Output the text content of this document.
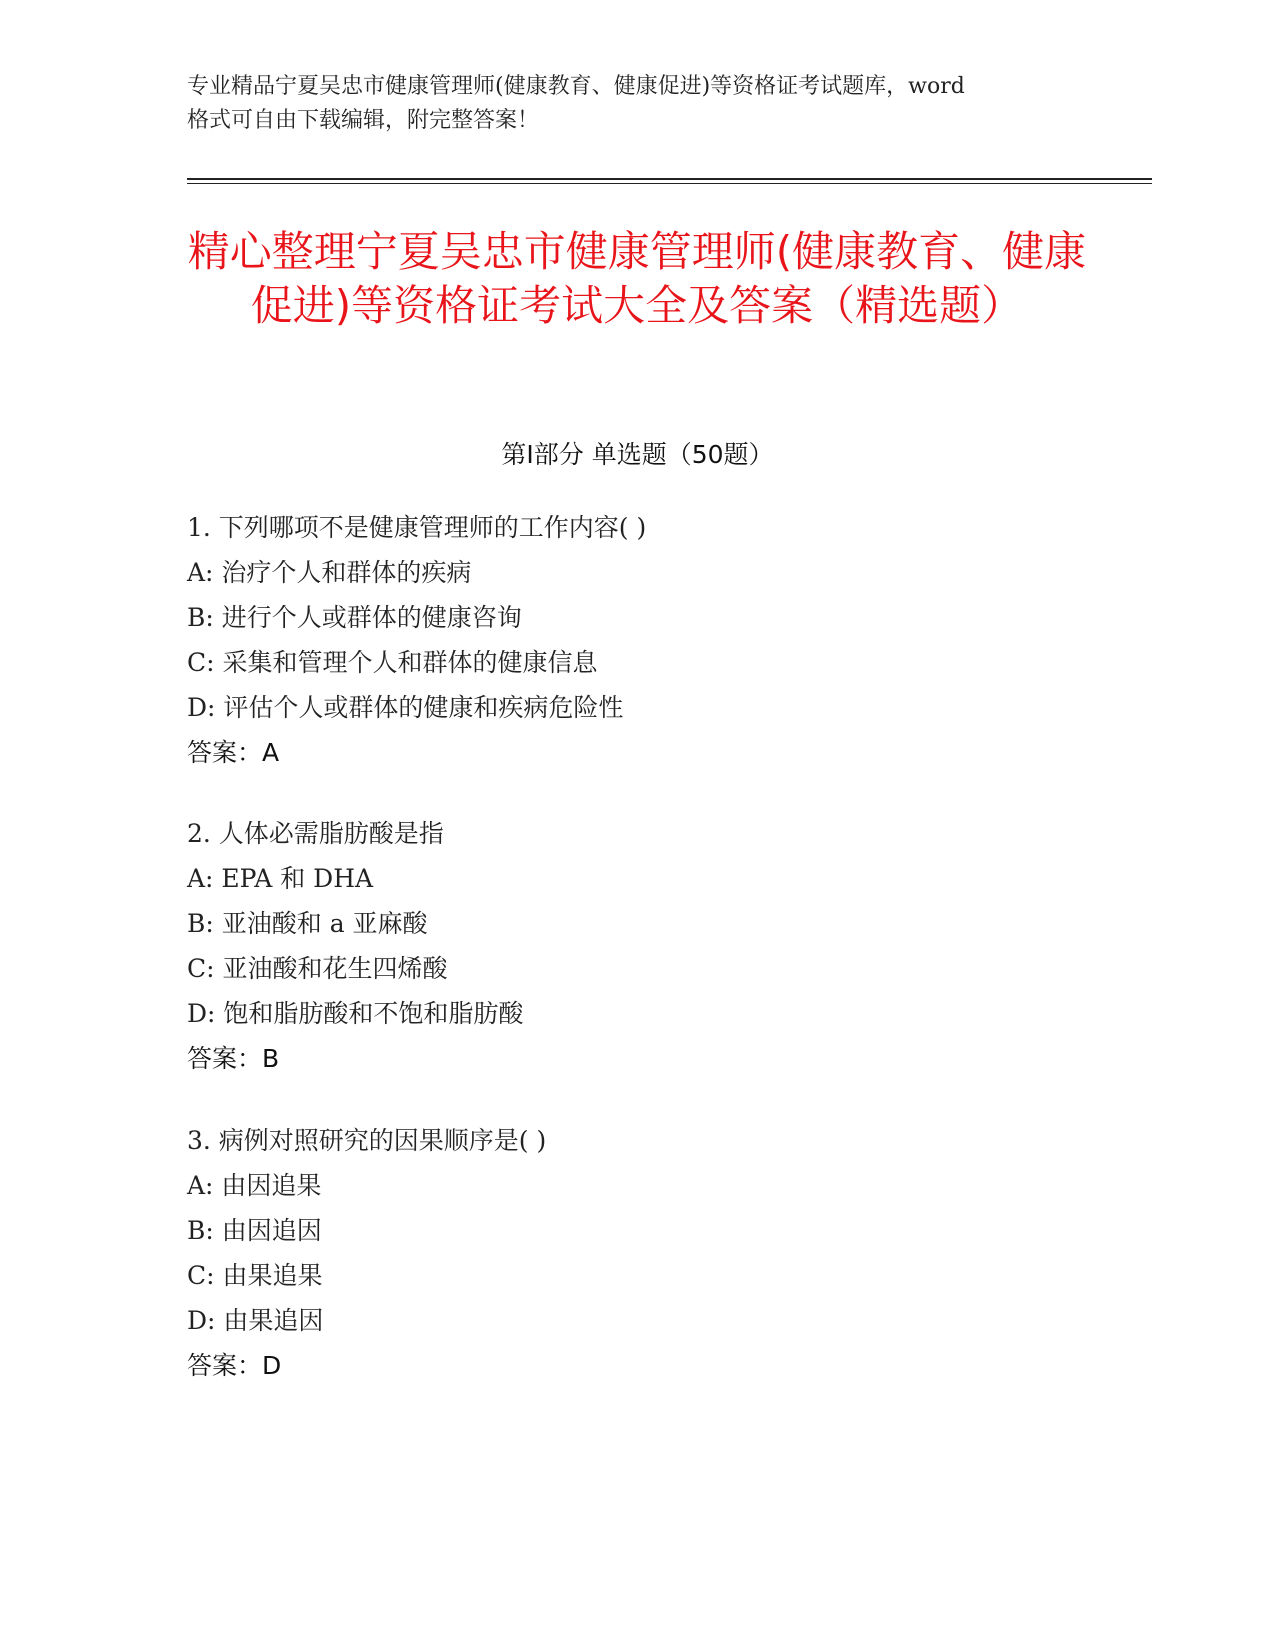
专业精品宁夏吴忠市健康管理师(健康教育、健康促进)等资格证考试题库，word
格式可自由下载编辑，附完整答案！
精心整理宁夏吴忠市健康管理师(健康教育、健康促进)等资格证考试大全及答案（精选题）
第Ⅰ部分 单选题（50题）
1. 下列哪项不是健康管理师的工作内容( )
A: 治疗个人和群体的疾病
B: 进行个人或群体的健康咨询
C: 采集和管理个人和群体的健康信息
D: 评估个人或群体的健康和疾病危险性
答案：A
2. 人体必需脂肪酸是指
A: EPA 和 DHA
B: 亚油酸和 a 亚麻酸
C: 亚油酸和花生四烯酸
D: 饱和脂肪酸和不饱和脂肪酸
答案：B
3. 病例对照研究的因果顺序是( )
A: 由因追果
B: 由因追因
C: 由果追果
D: 由果追因
答案：D
